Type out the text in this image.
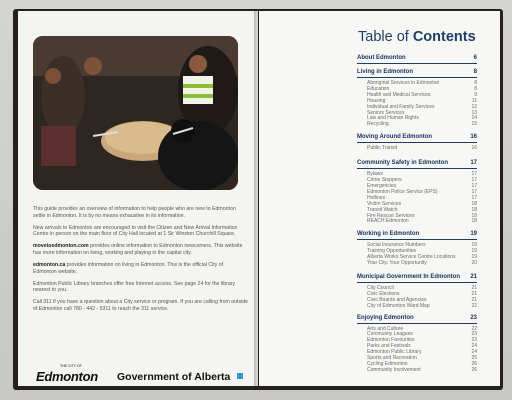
This guide provides an overview of information to help people who are new to Edmonton settle in Edmonton. It is by no means exhaustive in its information.

New arrivals to Edmonton are encouraged to visit the Citizen and New Arrival Information Centre in person on the main floor of City Hall located at 1 Sir Winston Churchill Square.

movetoedmonton.com provides online information to Edmonton newcomers. This website has more information on living, working and playing in the capital city.

edmonton.ca provides information on living in Edmonton. This is the official City of Edmonton website.

Edmonton Public Library branches offer free Internet access. See page 24 for the library nearest to you.

Call 311 if you have a question about a City service or program. If you are calling from outside of Edmonton call 780 - 442 - 5311 to reach the 311 service.

THE CITY OF
Edmonton Government of Alberta
Table of Contents
About Edmonton	6
Living in Edmonton	8
Aboriginal Services in Edmonton	8
Education	8
Health and Medical Services	9
Housing	11
Individual and Family Services	12
Seniors Services	13
Law and Human Rights	14
Recycling	15
Moving Around Edmonton	16
Public Transit	16
Community Safety in Edmonton	17
Bylaws	17
Crime Stoppers	17
Emergencies	17
Edmonton Police Service (EPS)	17
Hotlines	17
Victim Services	18
Transit Watch	18
Fire Rescue Services	18
REACH Edmonton	18
Working in Edmonton	19
Social Insurance Numbers	19
Training Opportunities	19
Alberta Works Service Centre Locations	19
Your City. Your Opportunity	20
Municipal Government In Edmonton 21
City Council	21
Civic Elections	21
Civic Boards and Agencies	21
City of Edmonton Ward Map	22
Enjoying Edmonton	23
Arts and Culture	22
Community Leagues	23
Edmonton Favourites	23
Parks and Festivals	24
Edmonton Public Library	24
Sports and Recreation	25
Cycling Edmonton	26
Community Involvement	26
